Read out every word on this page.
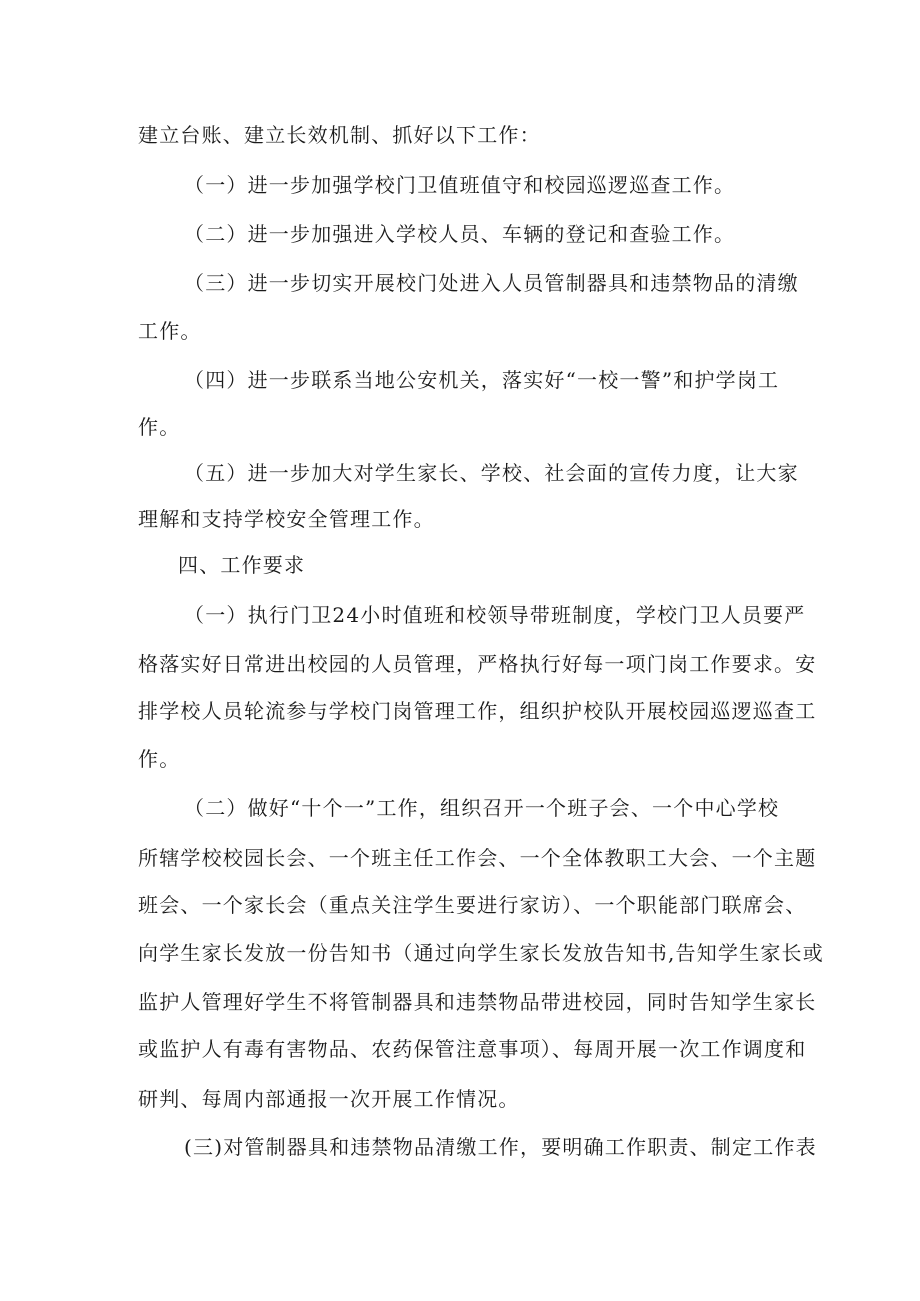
建立台账、建立长效机制、抓好以下工作：
（一）进一步加强学校门卫值班值守和校园巡逻巡查工作。
（二）进一步加强进入学校人员、车辆的登记和查验工作。
（三）进一步切实开展校门处进入人员管制器具和违禁物品的清缴
工作。
（四）进一步联系当地公安机关，落实好“一校一警”和护学岗工
作。
（五）进一步加大对学生家长、学校、社会面的宣传力度，让大家
理解和支持学校安全管理工作。
四、工作要求
（一）执行门卫24小时值班和校领导带班制度，学校门卫人员要严
格落实好日常进出校园的人员管理，严格执行好每一项门岗工作要求。安
排学校人员轮流参与学校门岗管理工作，组织护校队开展校园巡逻巡查工
作。
（二）做好“十个一”工作，组织召开一个班子会、一个中心学校
所辖学校校园长会、一个班主任工作会、一个全体教职工大会、一个主题
班会、一个家长会（重点关注学生要进行家访）、一个职能部门联席会、
向学生家长发放一份告知书（通过向学生家长发放告知书,告知学生家长或
监护人管理好学生不将管制器具和违禁物品带进校园，同时告知学生家长
或监护人有毒有害物品、农药保管注意事项）、每周开展一次工作调度和
研判、每周内部通报一次开展工作情况。
(三)对管制器具和违禁物品清缴工作，要明确工作职责、制定工作表
